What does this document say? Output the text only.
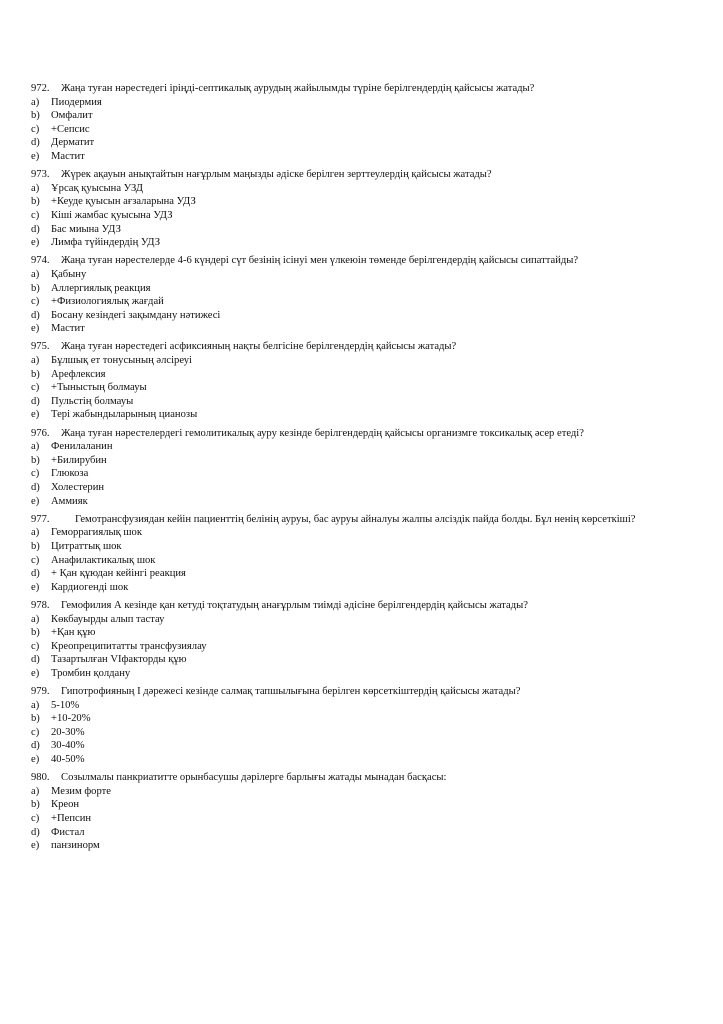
972.	Жаңа туған нәрестедегі іріңді-септикалық аурудың жайылымды түріне берілгендердің қайсысы жатады?
a)	Пиодермия
b)	Омфалит
c)	+Сепсис
d)	Дерматит
e)	Мастит
973.	Жүрек ақауын анықтайтын нағұрлым маңызды әдіске берілген зерттеулердің қайсысы жатады?
a)	Ұрсақ қуысына УЗД
b)	+Кеуде қуысын ағзаларына УДЗ
c)	Кіші жамбас қуысына УДЗ
d)	Бас миына УДЗ
e)	Лимфа түйіндердің УДЗ
974.	Жаңа туған нәрестелерде 4-6 күндері сүт безінің ісінуі мен үлкеюін төменде берілгендердің қайсысы сипаттайды?
a)	Қабыну
b)	Аллергиялық реакция
c)	+Физиологиялық жағдай
d)	Босану кезіндегі зақымдану нәтижесі
e)	Мастит
975.	Жаңа туған нәрестедегі асфиксияның нақты белгісіне берілгендердің қайсысы жатады?
a)	Бұлшық ет тонусының әлсіреуі
b)	Арефлексия
c)	+Тыныстың болмауы
d)	Пульстің болмауы
e)	Тері жабындыларының цианозы
976.	Жаңа туған нәрестелердегі гемолитикалық ауру кезінде берілгендердің қайсысы организмге токсикалық әсер етеді?
a)	Фенилаланин
b)	+Билирубин
c)	Глюкоза
d)	Холестерин
e)	Аммияк
977. Гемотрансфузиядан кейін пациенттің белінің ауруы, бас ауруы айналуы жалпы әлсіздік пайда болды. Бұл ненің көрсеткіші?
a)	Геморрагиялық шок
b)	Цитраттық шок
c)	Анафилактикалық шок
d)	+ Қан құюдан кейінгі реакция
e)	Кардиогенді шок
978.	Гемофилия А кезінде қан кетуді тоқтатудың анағұрлым тиімді әдісіне берілгендердің қайсысы жатады?
a)	Көкбауырды алып тастау
b)	+Қан құю
c)	Креопреципитатты трансфузиялау
d)	Тазартылған VIфакторды құю
e)	Тромбин қолдану
979.	Гипотрофияның I дәрежесі кезінде салмақ тапшылығына берілген көрсеткіштердің қайсысы жатады?
a)	5-10%
b)	+10-20%
c)	20-30%
d)	30-40%
e)	40-50%
980.	Созылмалы панкриатитте орынбасушы дәрілерге барлығы жатады мынадан басқасы:
a)	Мезим форте
b)	Креон
c)	+Пепсин
d)	Фистал
e)	панзинорм
